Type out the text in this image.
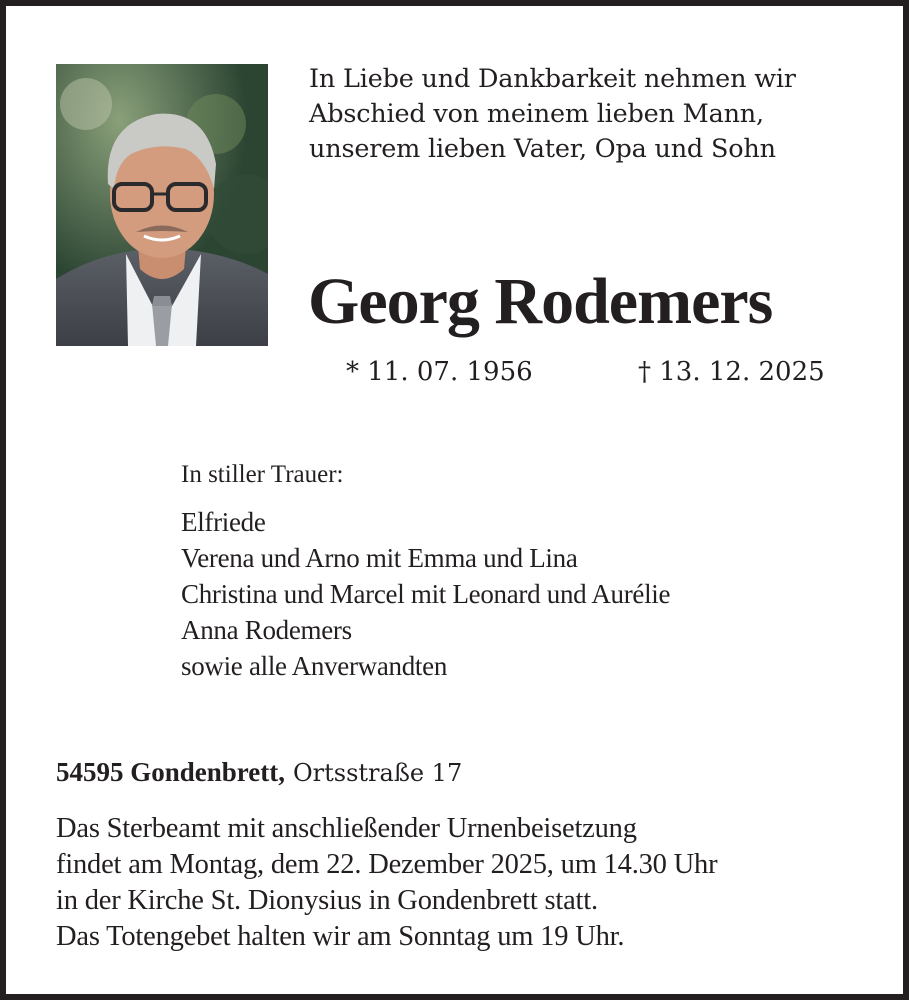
In Liebe und Dankbarkeit nehmen wir
Abschied von meinem lieben Mann,
unserem lieben Vater, Opa und Sohn
Georg Rodemers
* 11. 07. 1956	† 13. 12. 2025
In stiller Trauer:
Elfriede
Verena und Arno mit Emma und Lina
Christina und Marcel mit Leonard und Aurélie
Anna Rodemers
sowie alle Anverwandten
54595 Gondenbrett, Ortsstraße 17
Das Sterbeamt mit anschließender Urnenbeisetzung
findet am Montag, dem 22. Dezember 2025, um 14.30 Uhr
in der Kirche St. Dionysius in Gondenbrett statt.
Das Totengebet halten wir am Sonntag um 19 Uhr.
